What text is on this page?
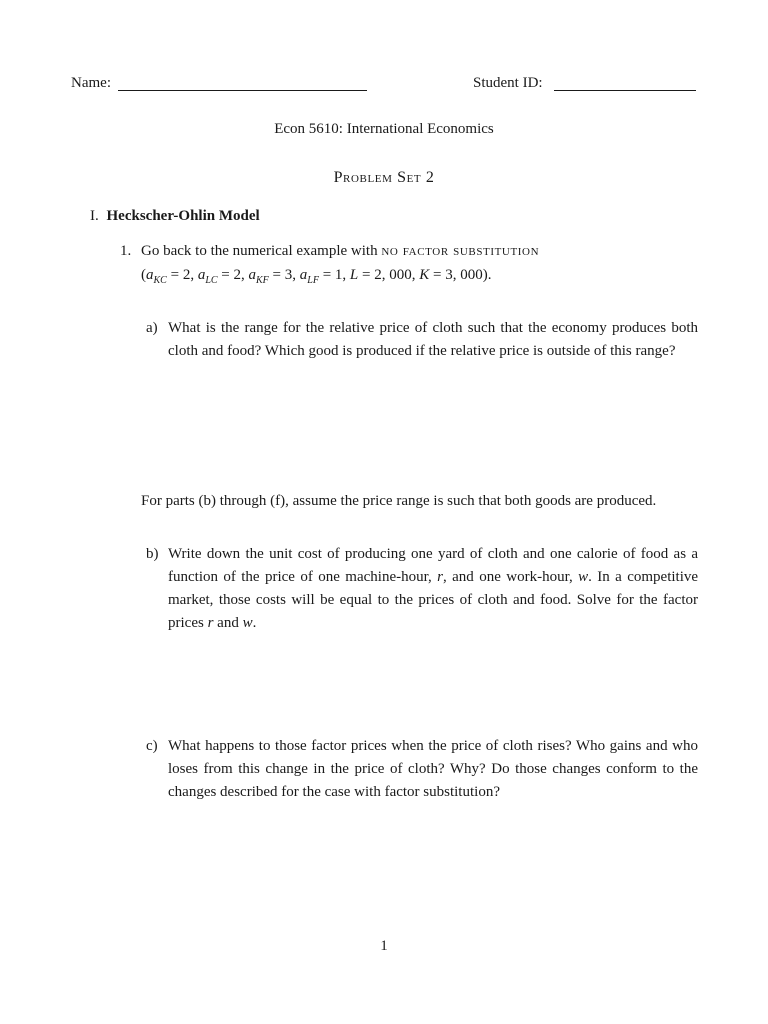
Name:	Student ID:
Econ 5610: International Economics
Problem Set 2
I. Heckscher-Ohlin Model
1. Go back to the numerical example with no factor substitution
($a_{KC} = 2$, $a_{LC} = 2$, $a_{KF} = 3$, $a_{LF} = 1$, L = 2, 000, K = 3, 000).
a) What is the range for the relative price of cloth such that the economy produces both cloth and food? Which good is produced if the relative price is outside of this range?
For parts (b) through (f), assume the price range is such that both goods are produced.
b) Write down the unit cost of producing one yard of cloth and one calorie of food as a function of the price of one machine-hour, r, and one work-hour, w. In a competitive market, those costs will be equal to the prices of cloth and food. Solve for the factor prices r and w.
c) What happens to those factor prices when the price of cloth rises? Who gains and who loses from this change in the price of cloth? Why? Do those changes conform to the changes described for the case with factor substitution?
1
